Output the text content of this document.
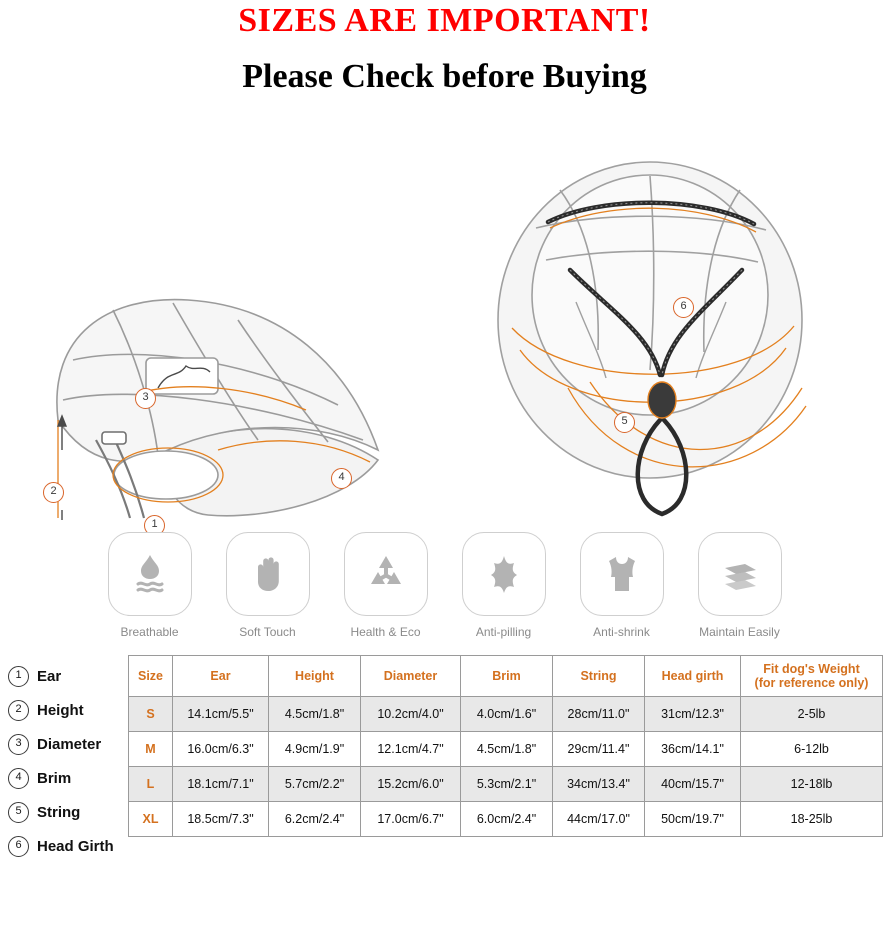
SIZES ARE IMPORTANT!
Please Check before Buying
1
2
3
4
5
6
Breathable	Soft Touch	Health & Eco	Anti-pilling	Anti-shrink	Maintain Easily
1	Ear
2	Height
3	Diameter
4	Brim
5	String
6	Head Girth
Size	Ear	Height	Diameter	Brim	String	Head girth	Fit dog's Weight
(for reference only)
S	14.1cm/5.5"	4.5cm/1.8"	10.2cm/4.0"	4.0cm/1.6"	28cm/11.0"	31cm/12.3"	2-5lb
M	16.0cm/6.3"	4.9cm/1.9"	12.1cm/4.7"	4.5cm/1.8"	29cm/11.4"	36cm/14.1"	6-12lb
L	18.1cm/7.1"	5.7cm/2.2"	15.2cm/6.0"	5.3cm/2.1"	34cm/13.4"	40cm/15.7"	12-18lb
XL	18.5cm/7.3"	6.2cm/2.4"	17.0cm/6.7"	6.0cm/2.4"	44cm/17.0"	50cm/19.7"	18-25lb
